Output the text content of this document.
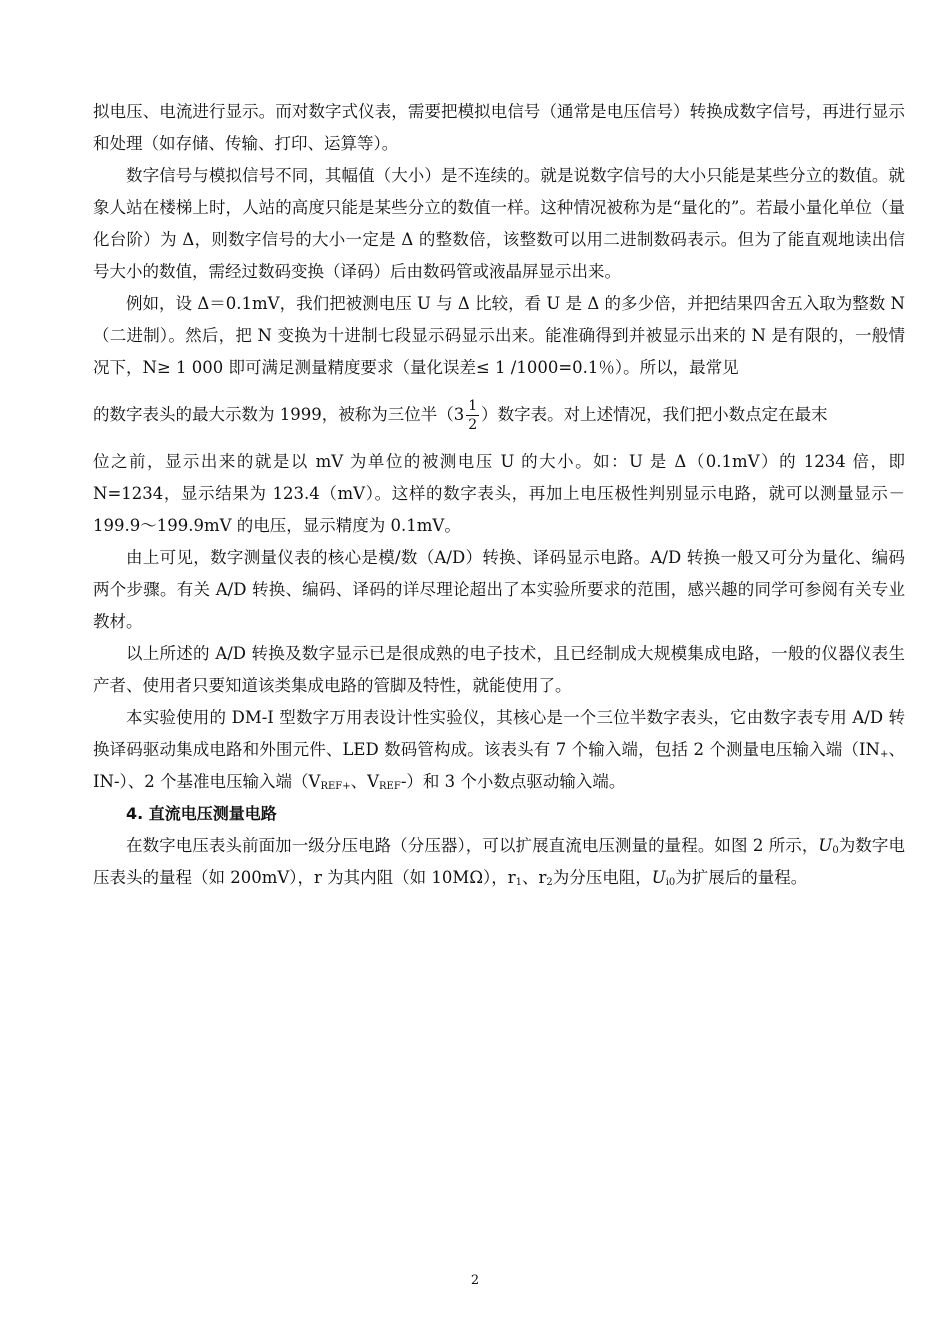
拟电压、电流进行显示。而对数字式仪表，需要把模拟电信号（通常是电压信号）转换成数字信号，再进行显示和处理（如存储、传输、打印、运算等）。

数字信号与模拟信号不同，其幅值（大小）是不连续的。就是说数字信号的大小只能是某些分立的数值。就象人站在楼梯上时，人站的高度只能是某些分立的数值一样。这种情况被称为是“量化的”。若最小量化单位（量化台阶）为 Δ，则数字信号的大小一定是 Δ 的整数倍，该整数可以用二进制数码表示。但为了能直观地读出信号大小的数值，需经过数码变换（译码）后由数码管或液晶屏显示出来。

例如，设 Δ＝0.1mV，我们把被测电压 U 与 Δ 比较，看 U 是 Δ 的多少倍，并把结果四舍五入取为整数 N（二进制）。然后，把 N 变换为十进制七段显示码显示出来。能准确得到并被显示出来的 N 是有限的，一般情况下，N≥ 1 000 即可满足测量精度要求（量化误差≤ 1 /1000=0.1％）。所以，最常见

的数字表头的最大示数为 1999，被称为三位半（$3 \frac{1}{2}$ ）数字表。对上述情况，我们把小数点定在最末

位之前，显示出来的就是以 mV 为单位的被测电压 U 的大小。如：U 是 Δ（0.1mV）的 1234 倍，即 N=1234，显示结果为 123.4（mV）。这样的数字表头，再加上电压极性判别显示电路，就可以测量显示－199.9～199.9mV 的电压，显示精度为 0.1mV。

由上可见，数字测量仪表的核心是模/数（A/D）转换、译码显示电路。A/D 转换一般又可分为量化、编码两个步骤。有关 A/D 转换、编码、译码的详尽理论超出了本实验所要求的范围，感兴趣的同学可参阅有关专业教材。

以上所述的 A/D 转换及数字显示已是很成熟的电子技术，且已经制成大规模集成电路，一般的仪器仪表生产者、使用者只要知道该类集成电路的管脚及特性，就能使用了。

本实验使用的 DM-I 型数字万用表设计性实验仪，其核心是一个三位半数字表头，它由数字表专用 A/D 转换译码驱动集成电路和外围元件、LED 数码管构成。该表头有 7 个输入端，包括 2 个测量电压输入端（$IN_+$、IN-）、2 个基准电压输入端（$V_{REF+}$、$V_{REF}-$）和 3 个小数点驱动输入端。

4. 直流电压测量电路

在数字电压表头前面加一级分压电路（分压器），可以扩展直流电压测量的量程。如图 2 所示，$U_0$为数字电压表头的量程（如 200mV），r 为其内阻（如 10MΩ），$r_1$、$r_2$为分压电阻，$U_{i0}$为扩展后的量程。

2
